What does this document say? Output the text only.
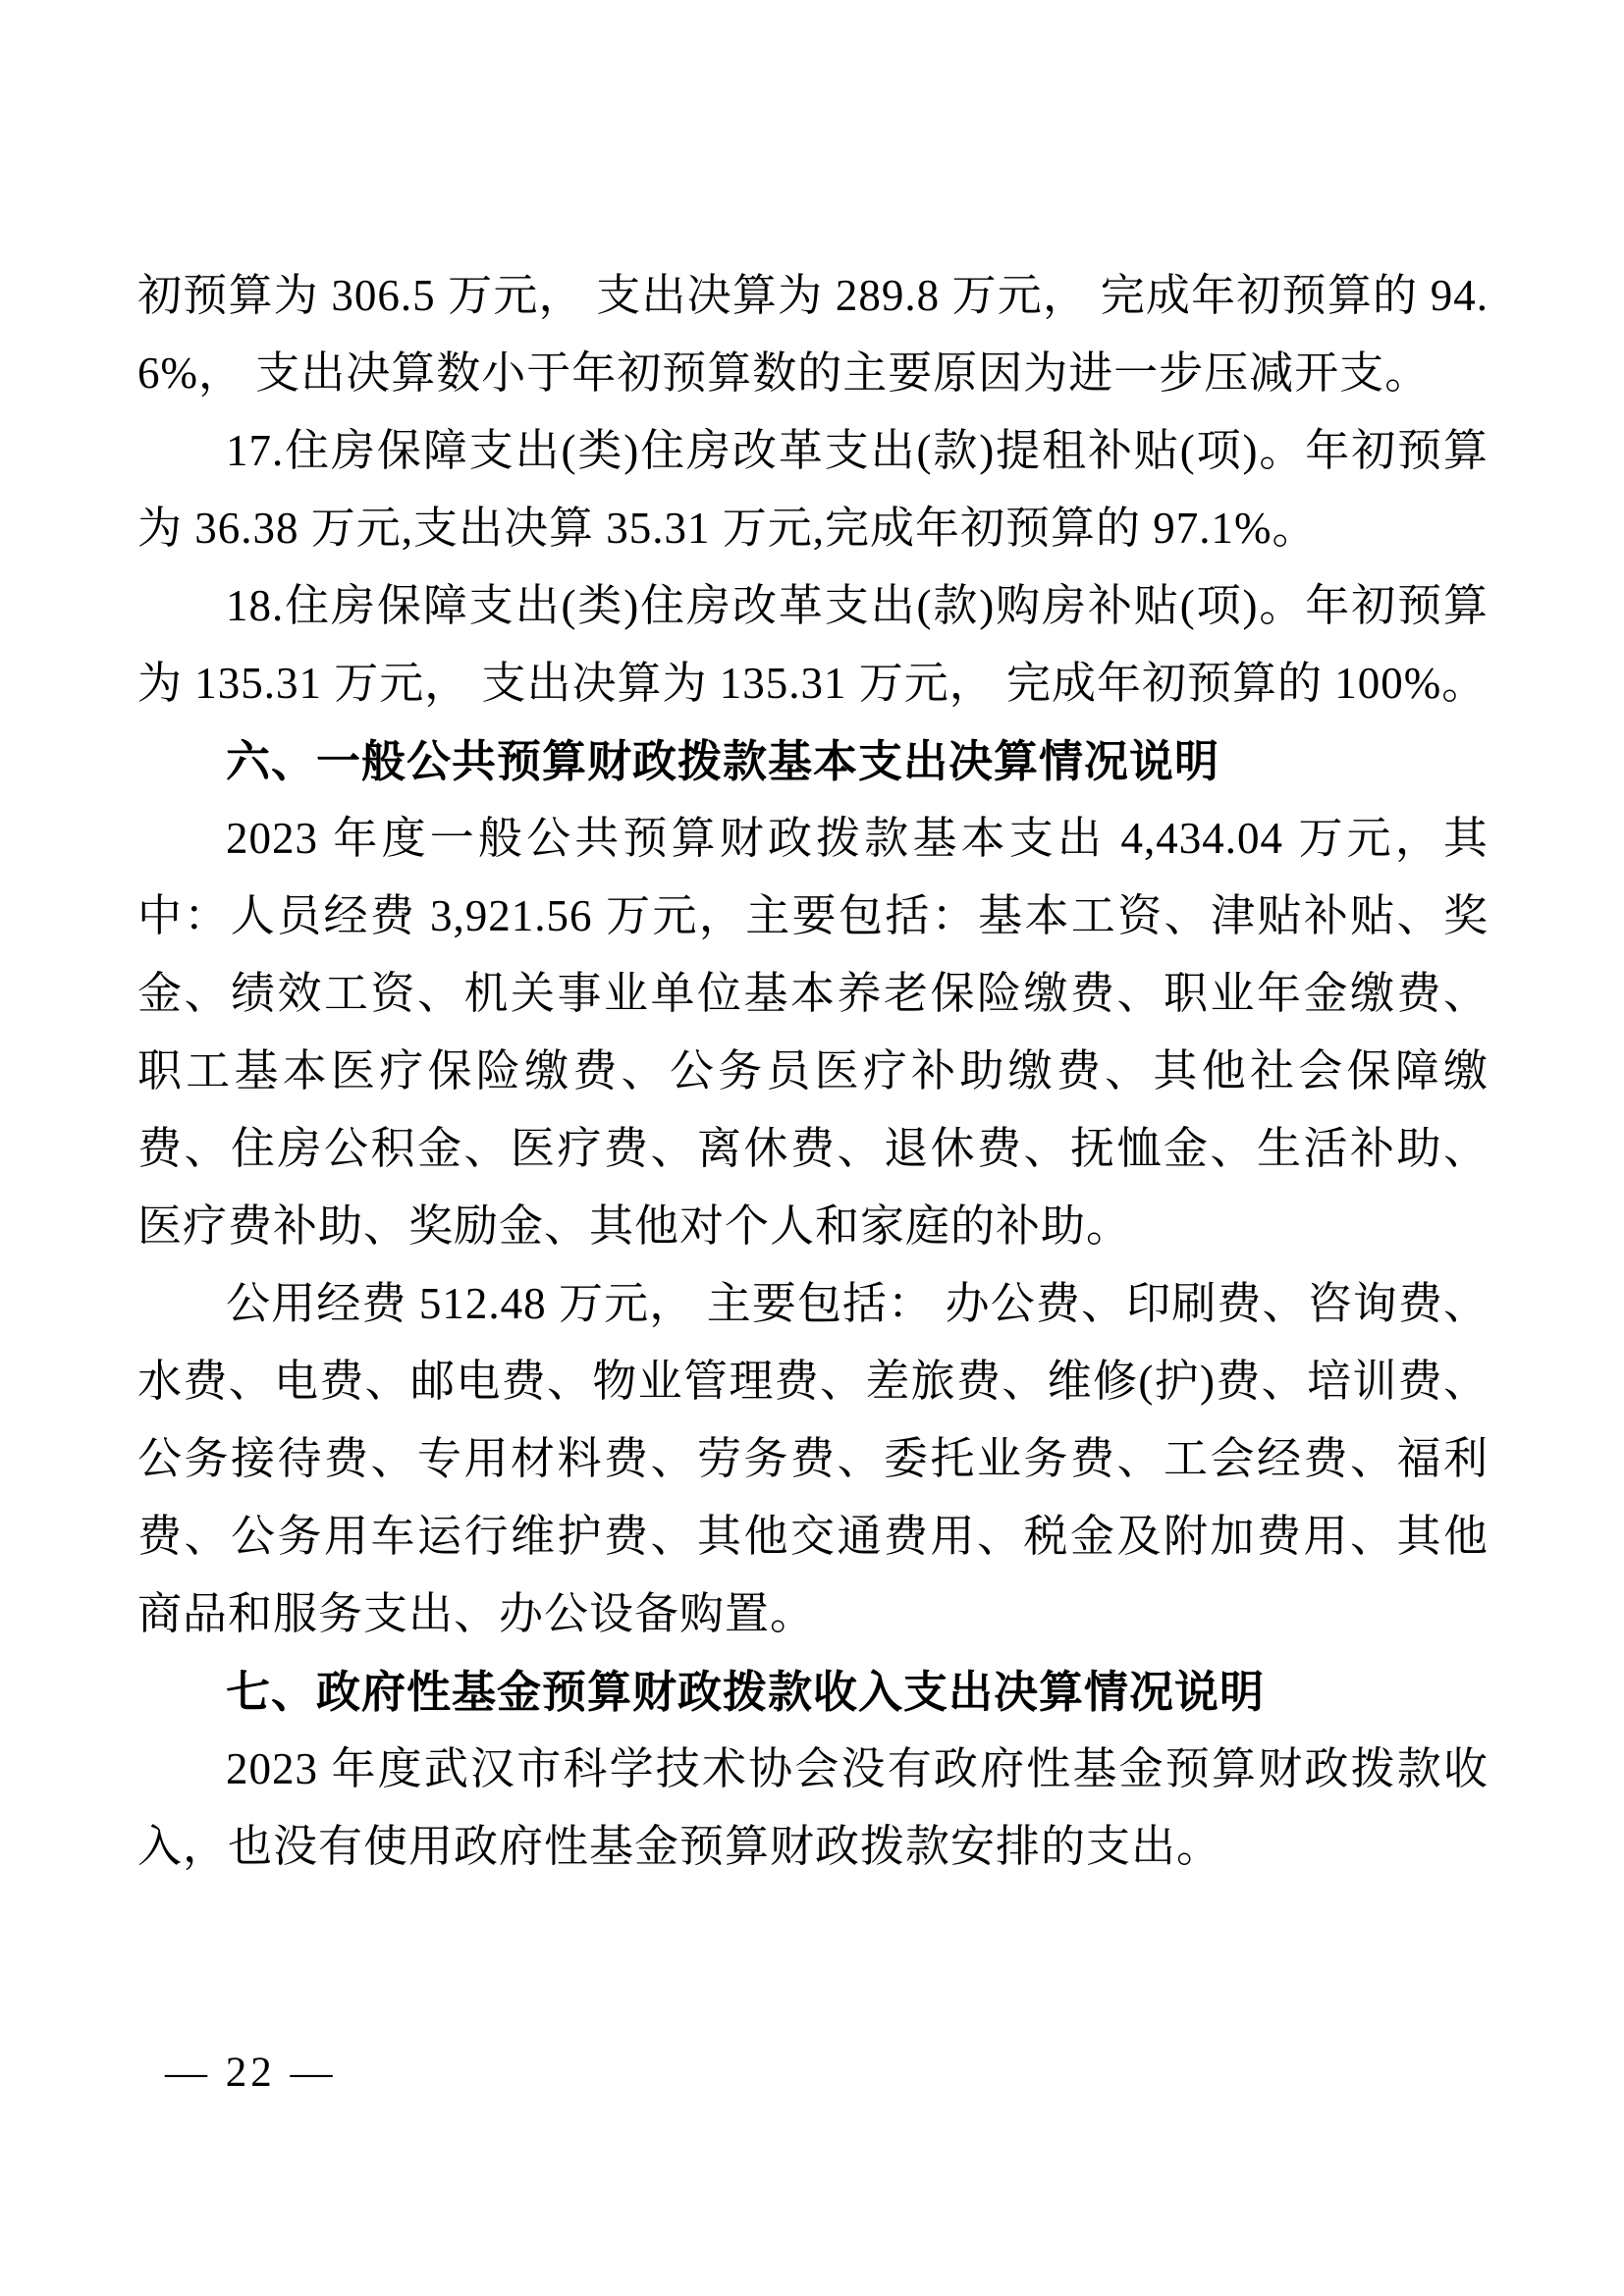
初预算为 306.5 万元， 支出决算为 289.8 万元， 完成年初预算的 94.6%， 支出决算数小于年初预算数的主要原因为进一步压减开支。

17.住房保障支出(类)住房改革支出(款)提租补贴(项)。年初预算为 36.38 万元,支出决算 35.31 万元,完成年初预算的 97.1%。

18.住房保障支出(类)住房改革支出(款)购房补贴(项)。年初预算为 135.31 万元， 支出决算为 135.31 万元， 完成年初预算的 100%。

六、一般公共预算财政拨款基本支出决算情况说明

2023 年度一般公共预算财政拨款基本支出 4,434.04 万元，其中：人员经费 3,921.56 万元，主要包括：基本工资、津贴补贴、奖金、绩效工资、机关事业单位基本养老保险缴费、职业年金缴费、职工基本医疗保险缴费、公务员医疗补助缴费、其他社会保障缴费、住房公积金、医疗费、离休费、退休费、抚恤金、生活补助、医疗费补助、奖励金、其他对个人和家庭的补助。

公用经费 512.48 万元， 主要包括： 办公费、印刷费、咨询费、水费、电费、邮电费、物业管理费、差旅费、维修(护)费、培训费、公务接待费、专用材料费、劳务费、委托业务费、工会经费、福利费、公务用车运行维护费、其他交通费用、税金及附加费用、其他商品和服务支出、办公设备购置。

七、政府性基金预算财政拨款收入支出决算情况说明

2023 年度武汉市科学技术协会没有政府性基金预算财政拨款收入，也没有使用政府性基金预算财政拨款安排的支出。

— 22 —
